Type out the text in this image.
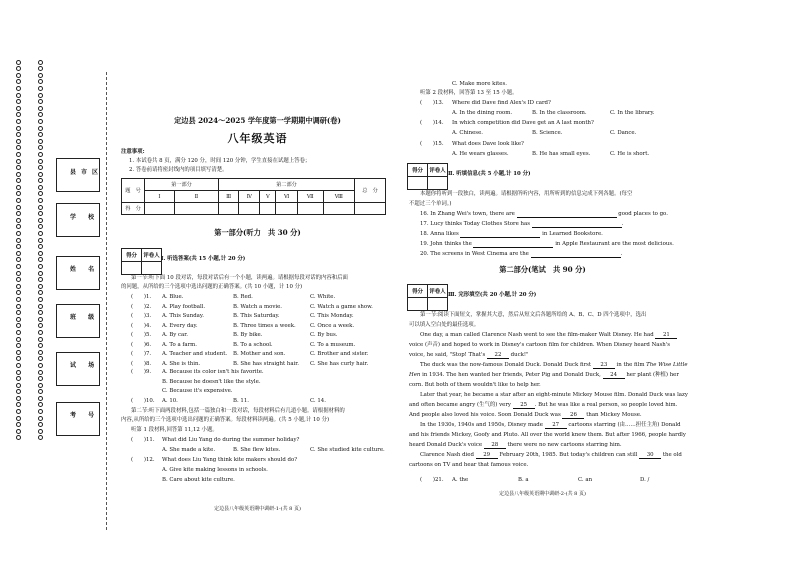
县市区
学 校
姓 名
班 级
试 场
考 号
定边县 2024～2025 学年度第一学期期中调研(卷)
八年级英语
注意事项:
1. 本试卷共 8 页，满分 120 分，时间 120 分钟，学生直接在试题上答卷；
2. 答卷前请将密封线内的项目填写清楚。
题　号	第一部分		第二部分						总　分
	Ⅰ	Ⅱ	Ⅲ	Ⅳ	Ⅴ	Ⅵ	Ⅶ	Ⅷ	
得　分									
第一部分(听力　共 30 分)
得分	评卷人
	Ⅰ. 听选答案(共 15 小题,计 20 分)
第一节:听下面 10 段对话，每段对话后有一个小题，读两遍。请根据每段对话的内容和后面
的问题，从所给的三个选项中选出问题的正确答案。(共 10 小题，计 10 分)
(　　)1. A. Blue.	B. Red.	C. White.
(　　)2. A. Play football.	B. Watch a movie.	C. Watch a game show.
(　　)3. A. This Sunday.	B. This Saturday.	C. This Monday.
(　　)4. A. Every day.	B. Three times a week.	C. Once a week.
(　　)5. A. By car.	B. By bike.	C. By bus.
(　　)6. A. To a farm.	B. To a school.	C. To a museum.
(　　)7. A. Teacher and student. B. Mother and son.	C. Brother and sister.
(　　)8. A. She is thin.	B. She has straight hair. C. She has curly hair.
(　　)9. A. Because its color isn't his favorite.
B. Because he doesn't like the style.
C. Because it's expensive.
(　　)10. A. 10.	B. 11.	C. 14.
第二节:听下面两段材料,包括一篇独白和一段对话，每段材料后有几道小题。请根据材料的
内容,从所给的三个选项中选出问题的正确答案。每段材料读两遍。(共 5 小题,计 10 分)
听第 1 段材料,回答第 11,12 小题。
(　　)11. What did Liu Yang do during the summer holiday?
A. She made a kite.	B. She flew kites.	C. She studied kite culture.
(　　)12. What does Liu Yang think kite makers should do?
A. Give kite making lessons in schools.
B. Care about kite culture.
定边县八年级英语期中调研-1-(共 8 页)
C. Make more kites.
听第 2 段材料，回答第 13 至 15 小题。
(　　)13. Where did Dave find Alex's ID card?
A. In the dining room.	B. In the classroom.	C. In the library.
(　　)14. In which competition did Dave get an A last month?
A. Chinese.	B. Science.	C. Dance.
(　　)15. What does Dave look like?
A. He wears glasses.	B. He has small eyes.	C. He is short.
得分	评卷人
	Ⅱ. 听填信息(共 5 小题,计 10 分)
本题你将听到一段独白，读两遍。请根据所听内容，用所听到的信息完成下列各题。(每空
不超过三个单词。)
16. In Zhang Wei's town, there are	good places to go.
17. Lucy thinks Today Clothes Store has	.
18. Anna likes	in Learned Bookstore.
19. John thinks the	in Apple Restaurant are the most delicious.
20. The screens in West Cinema are the	.
第二部分(笔试　共 90 分)
得分	评卷人
	Ⅲ. 完形填空(共 20 小题,计 20 分)
第一节:阅读下面短文，掌握其大意，然后从短文后各题所给的 A、B、C、D 四个选项中，选出
可以填入空白处的最佳选项。
One day, a man called Clarence Nash went to see the film-maker Walt Disney. He had 21
voice (声音) and hoped to work in Disney's cartoon film for children. When Disney heard Nash's
voice, he said, "Stop! That's 22 duck!"
The duck was the now-famous Donald Duck. Donald Duck first 23 in the film The Wise Little
Hen in 1934. The hen wanted her friends, Peter Pig and Donald Duck, 24 her plant (种植) her
corn. But both of them wouldn't like to help her.
Later that year, he became a star after an eight-minute Mickey Mouse film. Donald Duck was lazy
and often became angry (生气的) very 25 . But he was like a real person, so people loved him.
And people also loved his voice. Soon Donald Duck was 26 than Mickey Mouse.
In the 1930s, 1940s and 1950s, Disney made 27 cartoons starring (由……担任主角) Donald
and his friends Mickey, Goofy and Pluto. All over the world knew them. But after 1966, people hardly
heard Donald Duck's voice 28 there were no new cartoons starring him.
Clarence Nash died 29 February 20th, 1985. But today's children can still 30 the old
cartoons on TV and hear that famous voice.
(　　)21. A. the	B. a	C. an	D. /
定边县八年级英语期中调研-2-(共 8 页)
